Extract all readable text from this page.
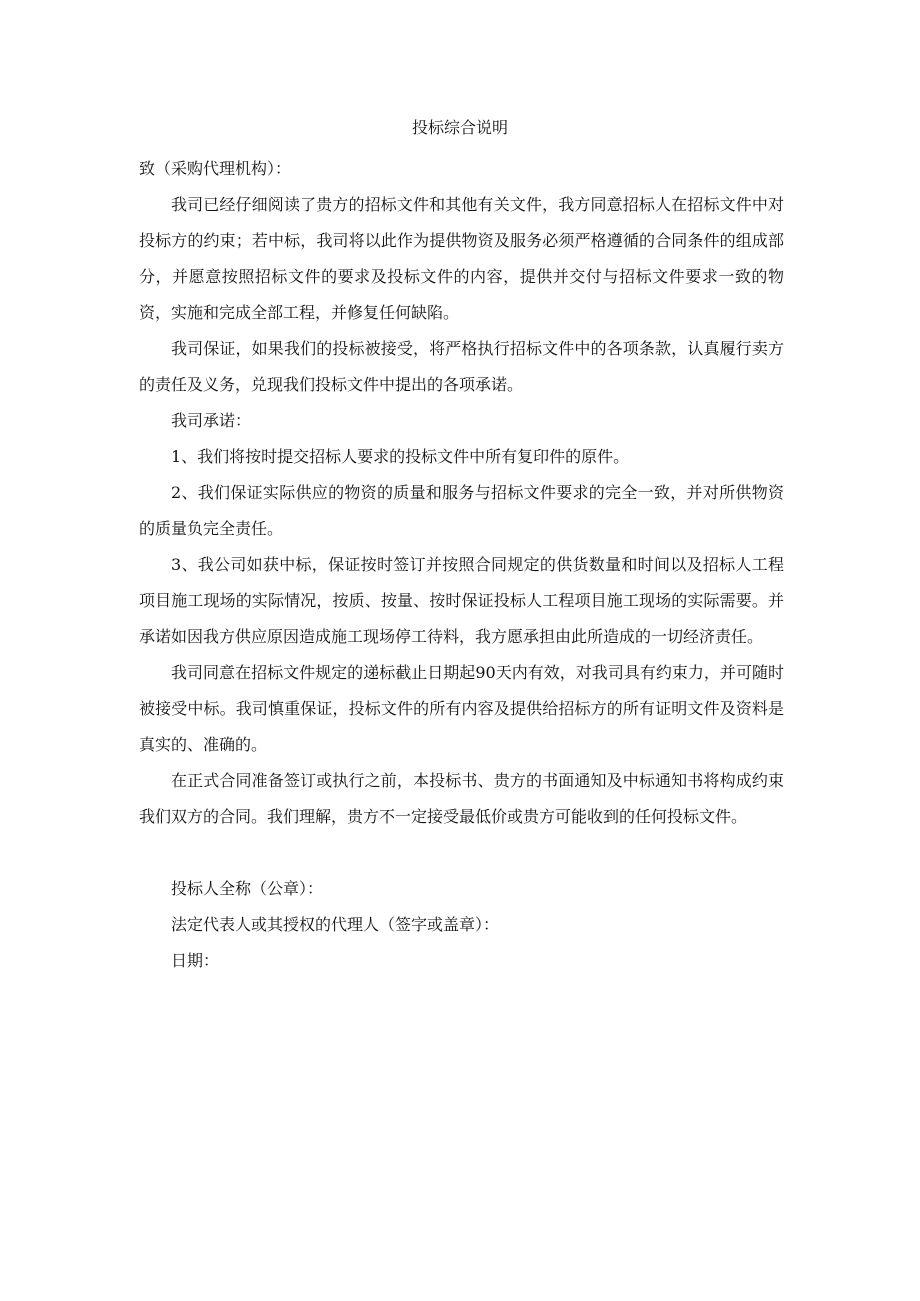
投标综合说明

致（采购代理机构）：

我司已经仔细阅读了贵方的招标文件和其他有关文件，我方同意招标人在招标文件中对投标方的约束；若中标，我司将以此作为提供物资及服务必须严格遵循的合同条件的组成部分，并愿意按照招标文件的要求及投标文件的内容，提供并交付与招标文件要求一致的物资，实施和完成全部工程，并修复任何缺陷。

我司保证，如果我们的投标被接受，将严格执行招标文件中的各项条款，认真履行卖方的责任及义务，兑现我们投标文件中提出的各项承诺。

我司承诺：

1、我们将按时提交招标人要求的投标文件中所有复印件的原件。

2、我们保证实际供应的物资的质量和服务与招标文件要求的完全一致，并对所供物资的质量负完全责任。

3、我公司如获中标，保证按时签订并按照合同规定的供货数量和时间以及招标人工程项目施工现场的实际情况，按质、按量、按时保证投标人工程项目施工现场的实际需要。并承诺如因我方供应原因造成施工现场停工待料，我方愿承担由此所造成的一切经济责任。

我司同意在招标文件规定的递标截止日期起90天内有效，对我司具有约束力，并可随时被接受中标。我司慎重保证，投标文件的所有内容及提供给招标方的所有证明文件及资料是真实的、准确的。

在正式合同准备签订或执行之前，本投标书、贵方的书面通知及中标通知书将构成约束我们双方的合同。我们理解，贵方不一定接受最低价或贵方可能收到的任何投标文件。

投标人全称（公章）：

法定代表人或其授权的代理人（签字或盖章）：

日期：
